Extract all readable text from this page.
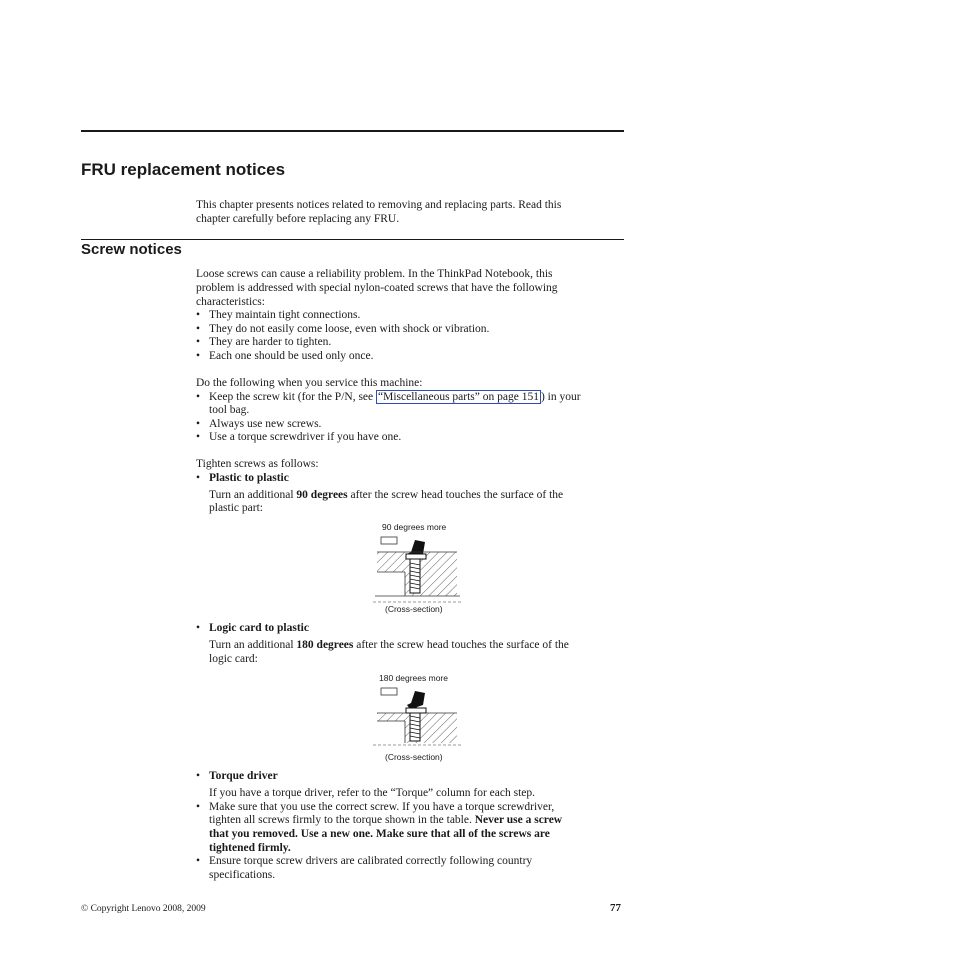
FRU replacement notices
This chapter presents notices related to removing and replacing parts. Read this
chapter carefully before replacing any FRU.
Screw notices
Loose screws can cause a reliability problem. In the ThinkPad Notebook, this
problem is addressed with special nylon-coated screws that have the following
characteristics:
• They maintain tight connections.
• They do not easily come loose, even with shock or vibration.
• They are harder to tighten.
• Each one should be used only once.
Do the following when you service this machine:
• Keep the screw kit (for the P/N, see “Miscellaneous parts” on page 151 ) in your
tool bag.
• Always use new screws.
• Use a torque screwdriver if you have one.
Tighten screws as follows:
• Plastic to plastic
Turn an additional 90 degrees after the screw head touches the surface of the
plastic part:
90 degrees more
(Cross-section)
• Logic card to plastic
Turn an additional 180 degrees after the screw head touches the surface of the
logic card:
180 degrees more
(Cross-section)
• Torque driver
If you have a torque driver, refer to the “Torque” column for each step.
• Make sure that you use the correct screw. If you have a torque screwdriver,
tighten all screws firmly to the torque shown in the table. Never use a screw
that you removed. Use a new one. Make sure that all of the screws are
tightened firmly.
• Ensure torque screw drivers are calibrated correctly following country
specifications.
© Copyright Lenovo 2008, 2009	77
